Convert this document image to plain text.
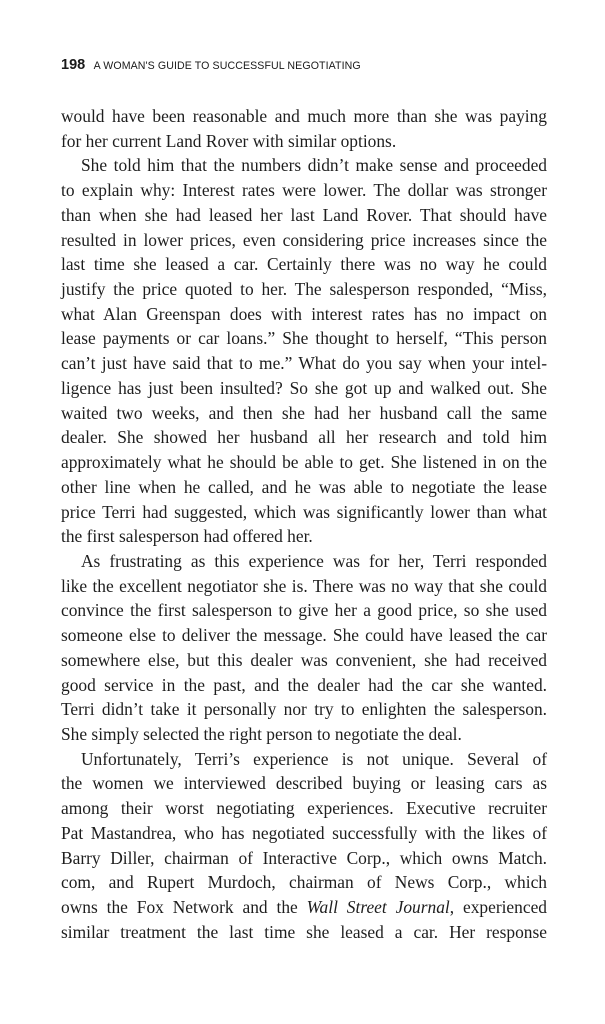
198 A WOMAN'S GUIDE TO SUCCESSFUL NEGOTIATING
would have been reasonable and much more than she was paying
for her current Land Rover with similar options.
She told him that the numbers didn’t make sense and proceeded
to explain why: Interest rates were lower. The dollar was stronger
than when she had leased her last Land Rover. That should have
resulted in lower prices, even considering price increases since the
last time she leased a car. Certainly there was no way he could
justify the price quoted to her. The salesperson responded, “Miss,
what Alan Greenspan does with interest rates has no impact on
lease payments or car loans.” She thought to herself, “This person
can’t just have said that to me.” What do you say when your intel-
ligence has just been insulted? So she got up and walked out. She
waited two weeks, and then she had her husband call the same
dealer. She showed her husband all her research and told him
approximately what he should be able to get. She listened in on the
other line when he called, and he was able to negotiate the lease
price Terri had suggested, which was significantly lower than what
the first salesperson had offered her.
As frustrating as this experience was for her, Terri responded
like the excellent negotiator she is. There was no way that she could
convince the first salesperson to give her a good price, so she used
someone else to deliver the message. She could have leased the car
somewhere else, but this dealer was convenient, she had received
good service in the past, and the dealer had the car she wanted.
Terri didn’t take it personally nor try to enlighten the salesperson.
She simply selected the right person to negotiate the deal.
Unfortunately, Terri’s experience is not unique. Several of
the women we interviewed described buying or leasing cars as
among their worst negotiating experiences. Executive recruiter
Pat Mastandrea, who has negotiated successfully with the likes of
Barry Diller, chairman of Interactive Corp., which owns Match.
com, and Rupert Murdoch, chairman of News Corp., which
owns the Fox Network and the Wall Street Journal, experienced
similar treatment the last time she leased a car. Her response
